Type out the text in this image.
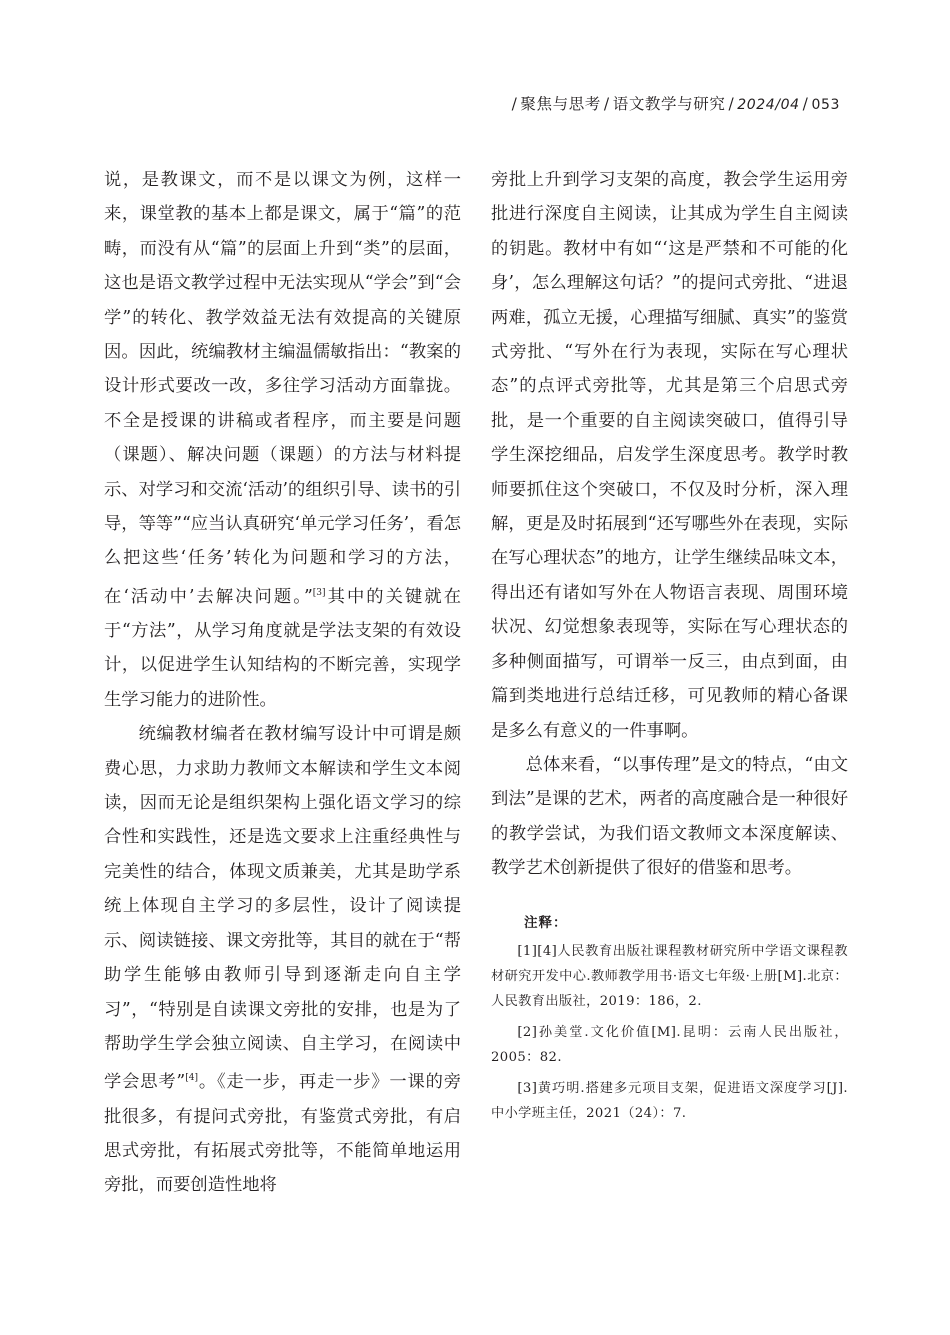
/ 聚焦与思考 / 语文教学与研究 / 2024/04 / 053

说，是教课文，而不是以课文为例，这样一来，课堂教的基本上都是课文，属于“篇”的范畴，而没有从“篇”的层面上升到“类”的层面，这也是语文教学过程中无法实现从“学会”到“会学”的转化、教学效益无法有效提高的关键原因。因此，统编教材主编温儒敏指出：“教案的设计形式要改一改，多往学习活动方面靠拢。不全是授课的讲稿或者程序，而主要是问题（课题）、解决问题（课题）的方法与材料提示、对学习和交流‘活动’的组织引导、读书的引导，等等”“应当认真研究‘单元学习任务’，看怎么把这些‘任务’转化为问题和学习的方法，在‘活动中’去解决问题。”[3]其中的关键就在于“方法”，从学习角度就是学法支架的有效设计，以促进学生认知结构的不断完善，实现学生学习能力的进阶性。

统编教材编者在教材编写设计中可谓是颇费心思，力求助力教师文本解读和学生文本阅读，因而无论是组织架构上强化语文学习的综合性和实践性，还是选文要求上注重经典性与完美性的结合，体现文质兼美，尤其是助学系统上体现自主学习的多层性，设计了阅读提示、阅读链接、课文旁批等，其目的就在于“帮助学生能够由教师引导到逐渐走向自主学习”，“特别是自读课文旁批的安排，也是为了帮助学生学会独立阅读、自主学习，在阅读中学会思考”[4]。《走一步，再走一步》一课的旁批很多，有提问式旁批，有鉴赏式旁批，有启思式旁批，有拓展式旁批等，不能简单地运用旁批，而要创造性地将

旁批上升到学习支架的高度，教会学生运用旁批进行深度自主阅读，让其成为学生自主阅读的钥匙。教材中有如“‘这是严禁和不可能的化身’，怎么理解这句话？”的提问式旁批、“进退两难，孤立无援，心理描写细腻、真实”的鉴赏式旁批、“写外在行为表现，实际在写心理状态”的点评式旁批等，尤其是第三个启思式旁批，是一个重要的自主阅读突破口，值得引导学生深挖细品，启发学生深度思考。教学时教师要抓住这个突破口，不仅及时分析，深入理解，更是及时拓展到“还写哪些外在表现，实际在写心理状态”的地方，让学生继续品味文本，得出还有诸如写外在人物语言表现、周围环境状况、幻觉想象表现等，实际在写心理状态的多种侧面描写，可谓举一反三，由点到面，由篇到类地进行总结迁移，可见教师的精心备课是多么有意义的一件事啊。

总体来看，“以事传理”是文的特点，“由文到法”是课的艺术，两者的高度融合是一种很好的教学尝试，为我们语文教师文本深度解读、教学艺术创新提供了很好的借鉴和思考。

注释：

[1][4]人民教育出版社课程教材研究所中学语文课程教材研究开发中心.教师教学用书·语文七年级·上册[M].北京：人民教育出版社，2019：186，2.

[2]孙美堂.文化价值[M].昆明：云南人民出版社，2005：82.

[3]黄巧明.搭建多元项目支架，促进语文深度学习[J].中小学班主任，2021（24）：7.
